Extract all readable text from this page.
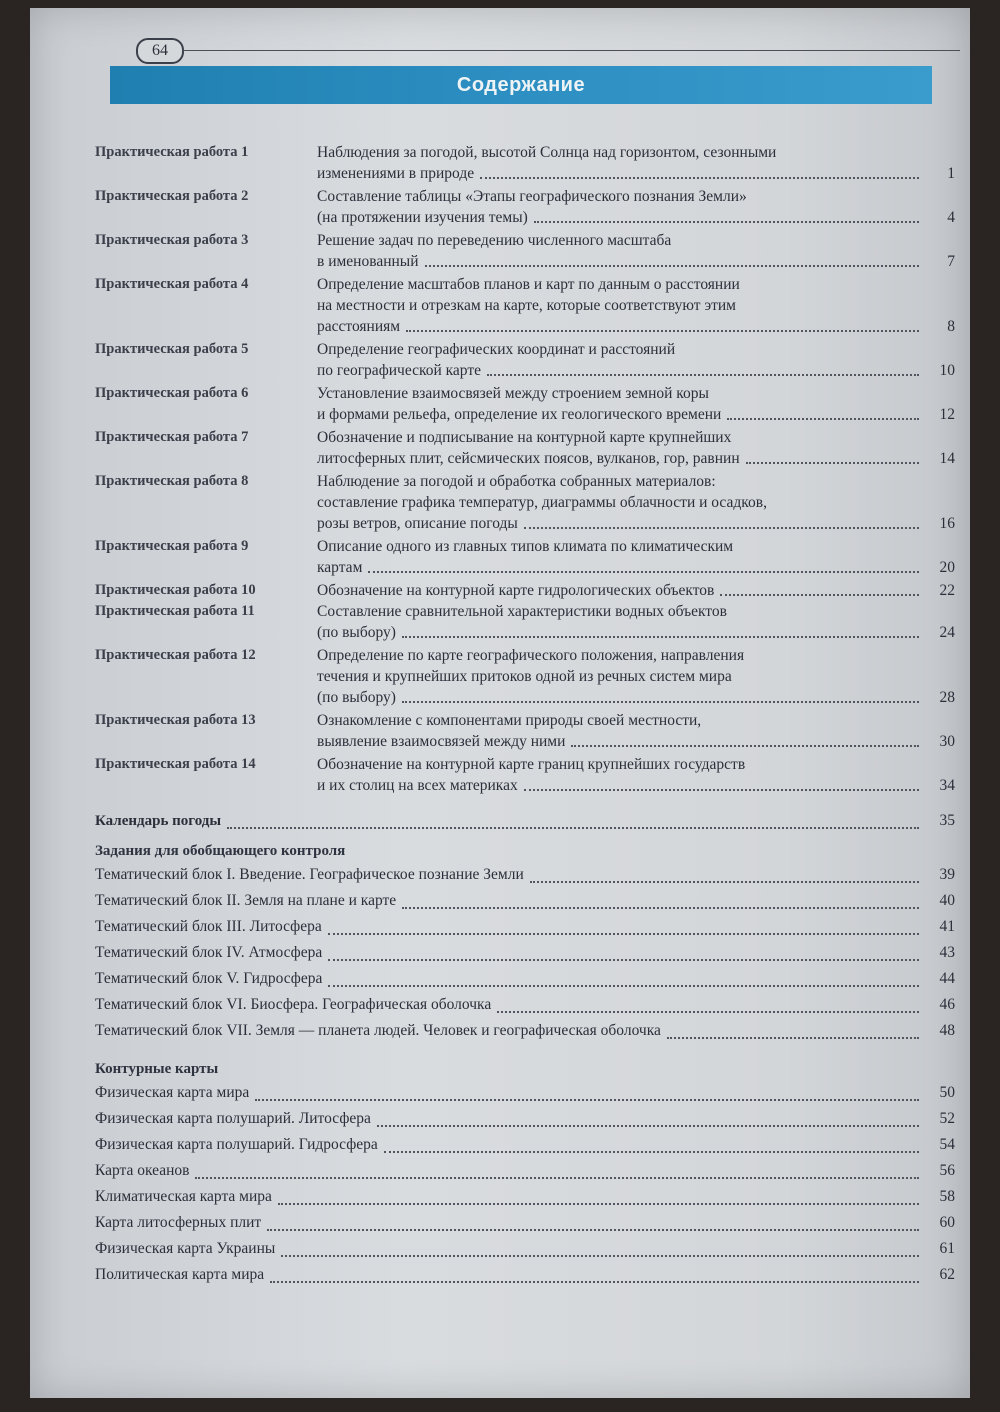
64
Содержание
Практическая работа 1	Наблюдения за погодой, высотой Солнца над горизонтом, сезонными
изменениями в природе	1
Практическая работа 2	Составление таблицы «Этапы географического познания Земли»
(на протяжении изучения темы)	4
Практическая работа 3	Решение задач по переведению численного масштаба
в именованный	7
Практическая работа 4	Определение масштабов планов и карт по данным о расстоянии
на местности и отрезкам на карте, которые соответствуют этим
расстояниям	8
Практическая работа 5	Определение географических координат и расстояний
по географической карте	10
Практическая работа 6	Установление взаимосвязей между строением земной коры
и формами рельефа, определение их геологического времени	12
Практическая работа 7	Обозначение и подписывание на контурной карте крупнейших
литосферных плит, сейсмических поясов, вулканов, гор, равнин	14
Практическая работа 8	Наблюдение за погодой и обработка собранных материалов:
составление графика температур, диаграммы облачности и осадков,
розы ветров, описание погоды	16
Практическая работа 9	Описание одного из главных типов климата по климатическим
картам	20
Практическая работа 10	Обозначение на контурной карте гидрологических объектов	22
Практическая работа 11	Составление сравнительной характеристики водных объектов
(по выбору)	24
Практическая работа 12	Определение по карте географического положения, направления
течения и крупнейших притоков одной из речных систем мира
(по выбору)	28
Практическая работа 13	Ознакомление с компонентами природы своей местности,
выявление взаимосвязей между ними	30
Практическая работа 14	Обозначение на контурной карте границ крупнейших государств
и их столиц на всех материках	34
Календарь погоды	35
Задания для обобщающего контроля
Тематический блок I. Введение. Географическое познание Земли	39
Тематический блок II. Земля на плане и карте	40
Тематический блок III. Литосфера	41
Тематический блок IV. Атмосфера	43
Тематический блок V. Гидросфера	44
Тематический блок VI. Биосфера. Географическая оболочка	46
Тематический блок VII. Земля — планета людей. Человек и географическая оболочка	48
Контурные карты
Физическая карта мира	50
Физическая карта полушарий. Литосфера	52
Физическая карта полушарий. Гидросфера	54
Карта океанов	56
Климатическая карта мира	58
Карта литосферных плит	60
Физическая карта Украины	61
Политическая карта мира	62
